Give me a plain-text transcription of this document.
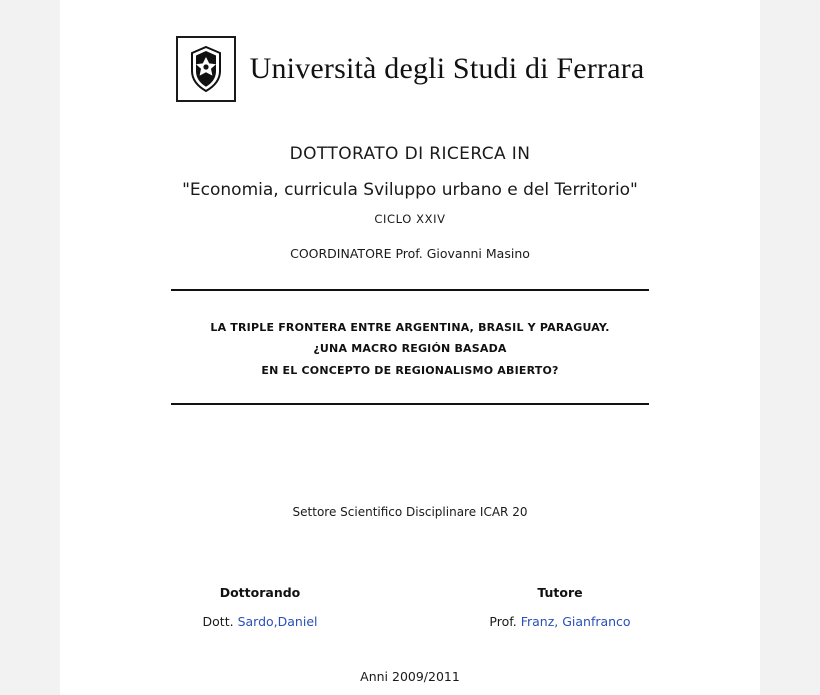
Università degli Studi di Ferrara
DOTTORATO DI RICERCA IN
"Economia, curricula Sviluppo urbano e del Territorio"
CICLO XXIV
COORDINATORE Prof. Giovanni Masino
LA TRIPLE FRONTERA ENTRE ARGENTINA, BRASIL Y PARAGUAY.
¿UNA MACRO REGIÓN BASADA
EN EL CONCEPTO DE REGIONALISMO ABIERTO?
Settore Scientifico Disciplinare ICAR 20
Dottorando
Dott. Sardo,Daniel
Tutore
Prof. Franz, Gianfranco
Anni 2009/2011
